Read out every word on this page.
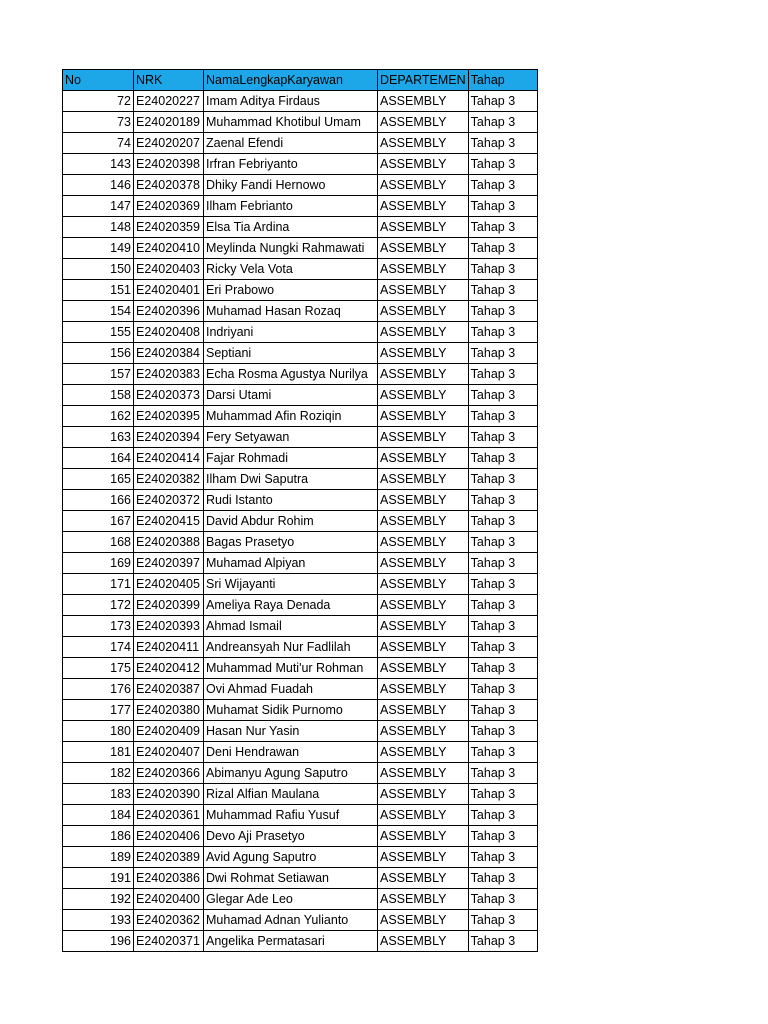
No	NRK	NamaLengkapKaryawan	DEPARTEMEN	Tahap
72	E24020227	Imam Aditya Firdaus	ASSEMBLY	Tahap 3
73	E24020189	Muhammad Khotibul Umam	ASSEMBLY	Tahap 3
74	E24020207	Zaenal Efendi	ASSEMBLY	Tahap 3
143	E24020398	Irfran Febriyanto	ASSEMBLY	Tahap 3
146	E24020378	Dhiky Fandi Hernowo	ASSEMBLY	Tahap 3
147	E24020369	Ilham Febrianto	ASSEMBLY	Tahap 3
148	E24020359	Elsa Tia Ardina	ASSEMBLY	Tahap 3
149	E24020410	Meylinda Nungki Rahmawati	ASSEMBLY	Tahap 3
150	E24020403	Ricky Vela Vota	ASSEMBLY	Tahap 3
151	E24020401	Eri Prabowo	ASSEMBLY	Tahap 3
154	E24020396	Muhamad Hasan Rozaq	ASSEMBLY	Tahap 3
155	E24020408	Indriyani	ASSEMBLY	Tahap 3
156	E24020384	Septiani	ASSEMBLY	Tahap 3
157	E24020383	Echa Rosma Agustya Nurilya	ASSEMBLY	Tahap 3
158	E24020373	Darsi Utami	ASSEMBLY	Tahap 3
162	E24020395	Muhammad Afin Roziqin	ASSEMBLY	Tahap 3
163	E24020394	Fery Setyawan	ASSEMBLY	Tahap 3
164	E24020414	Fajar Rohmadi	ASSEMBLY	Tahap 3
165	E24020382	Ilham Dwi Saputra	ASSEMBLY	Tahap 3
166	E24020372	Rudi Istanto	ASSEMBLY	Tahap 3
167	E24020415	David Abdur Rohim	ASSEMBLY	Tahap 3
168	E24020388	Bagas Prasetyo	ASSEMBLY	Tahap 3
169	E24020397	Muhamad Alpiyan	ASSEMBLY	Tahap 3
171	E24020405	Sri Wijayanti	ASSEMBLY	Tahap 3
172	E24020399	Ameliya Raya Denada	ASSEMBLY	Tahap 3
173	E24020393	Ahmad Ismail	ASSEMBLY	Tahap 3
174	E24020411	Andreansyah Nur Fadlilah	ASSEMBLY	Tahap 3
175	E24020412	Muhammad Muti'ur Rohman	ASSEMBLY	Tahap 3
176	E24020387	Ovi Ahmad Fuadah	ASSEMBLY	Tahap 3
177	E24020380	Muhamat Sidik Purnomo	ASSEMBLY	Tahap 3
180	E24020409	Hasan Nur Yasin	ASSEMBLY	Tahap 3
181	E24020407	Deni Hendrawan	ASSEMBLY	Tahap 3
182	E24020366	Abimanyu Agung Saputro	ASSEMBLY	Tahap 3
183	E24020390	Rizal Alfian Maulana	ASSEMBLY	Tahap 3
184	E24020361	Muhammad Rafiu Yusuf	ASSEMBLY	Tahap 3
186	E24020406	Devo Aji Prasetyo	ASSEMBLY	Tahap 3
189	E24020389	Avid Agung Saputro	ASSEMBLY	Tahap 3
191	E24020386	Dwi Rohmat Setiawan	ASSEMBLY	Tahap 3
192	E24020400	Glegar Ade Leo	ASSEMBLY	Tahap 3
193	E24020362	Muhamad Adnan Yulianto	ASSEMBLY	Tahap 3
196	E24020371	Angelika Permatasari	ASSEMBLY	Tahap 3
